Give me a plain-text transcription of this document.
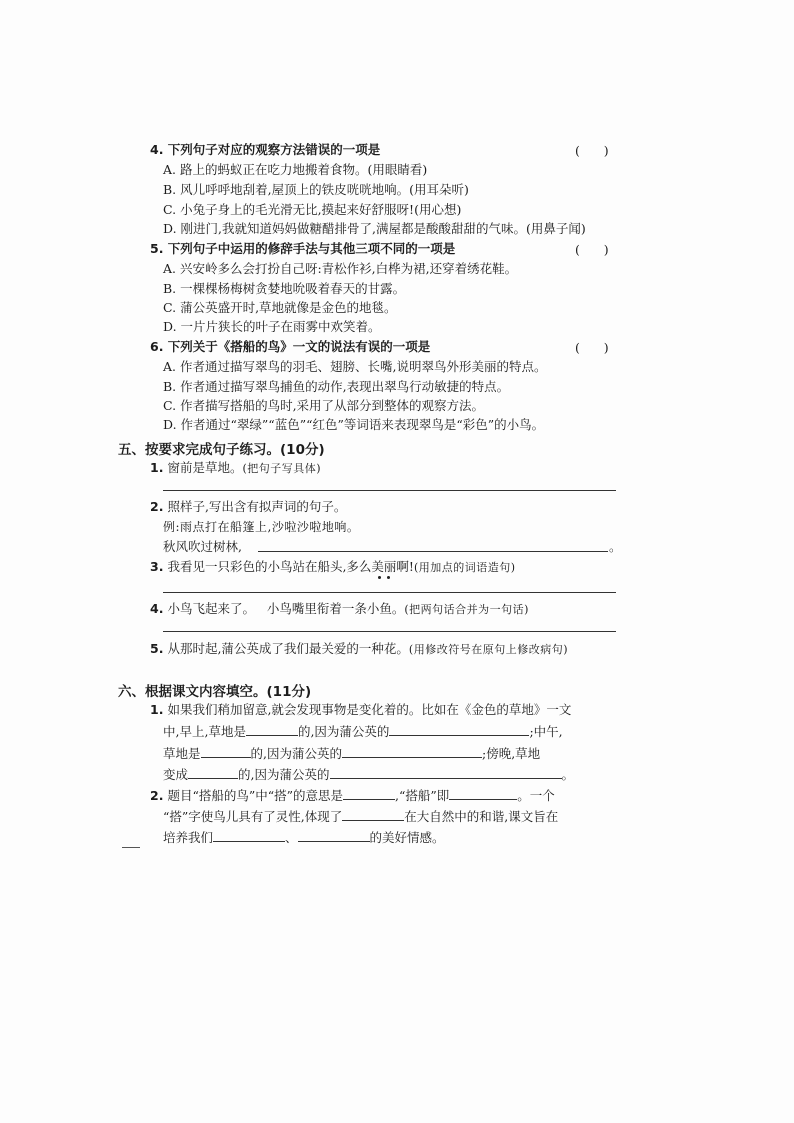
4. 下列句子对应的观察方法错误的一项是	(      )
A. 路上的蚂蚁正在吃力地搬着食物。(用眼睛看)
B. 风儿呼呼地刮着,屋顶上的铁皮咣咣地响。(用耳朵听)
C. 小兔子身上的毛光滑无比,摸起来好舒服呀!(用心想)
D. 刚进门,我就知道妈妈做糖醋排骨了,满屋都是酸酸甜甜的气味。(用鼻子闻)
5. 下列句子中运用的修辞手法与其他三项不同的一项是	(      )
A. 兴安岭多么会打扮自己呀:青松作衫,白桦为裙,还穿着绣花鞋。
B. 一棵棵杨梅树贪婪地吮吸着春天的甘露。
C. 蒲公英盛开时,草地就像是金色的地毯。
D. 一片片狭长的叶子在雨雾中欢笑着。
6. 下列关于《搭船的鸟》一文的说法有误的一项是	(      )
A. 作者通过描写翠鸟的羽毛、翅膀、长嘴,说明翠鸟外形美丽的特点。
B. 作者通过描写翠鸟捕鱼的动作,表现出翠鸟行动敏捷的特点。
C. 作者描写搭船的鸟时,采用了从部分到整体的观察方法。
D. 作者通过“翠绿”“蓝色”“红色”等词语来表现翠鸟是“彩色”的小鸟。
五、按要求完成句子练习。(10分)
1. 窗前是草地。(把句子写具体)
2. 照样子,写出含有拟声词的句子。
例:雨点打在船篷上,沙啦沙啦地响。
秋风吹过树林,	。
3. 我看见一只彩色的小鸟站在船头,多么美丽啊!(用加点的词语造句)
4. 小鸟飞起来了。   小鸟嘴里衔着一条小鱼。(把两句话合并为一句话)
5. 从那时起,蒲公英成了我们最关爱的一种花。(用修改符号在原句上修改病句)
六、根据课文内容填空。(11分)
1. 如果我们稍加留意,就会发现事物是变化着的。比如在《金色的草地》一文
中,早上,草地是	的,因为蒲公英的	;中午,
草地是	的,因为蒲公英的	;傍晚,草地
变成	的,因为蒲公英的	。
2. 题目“搭船的鸟”中“搭”的意思是	,“搭船”即	。一个
“搭”字使鸟儿具有了灵性,体现了	在大自然中的和谐,课文旨在
培养我们	、	的美好情感。
